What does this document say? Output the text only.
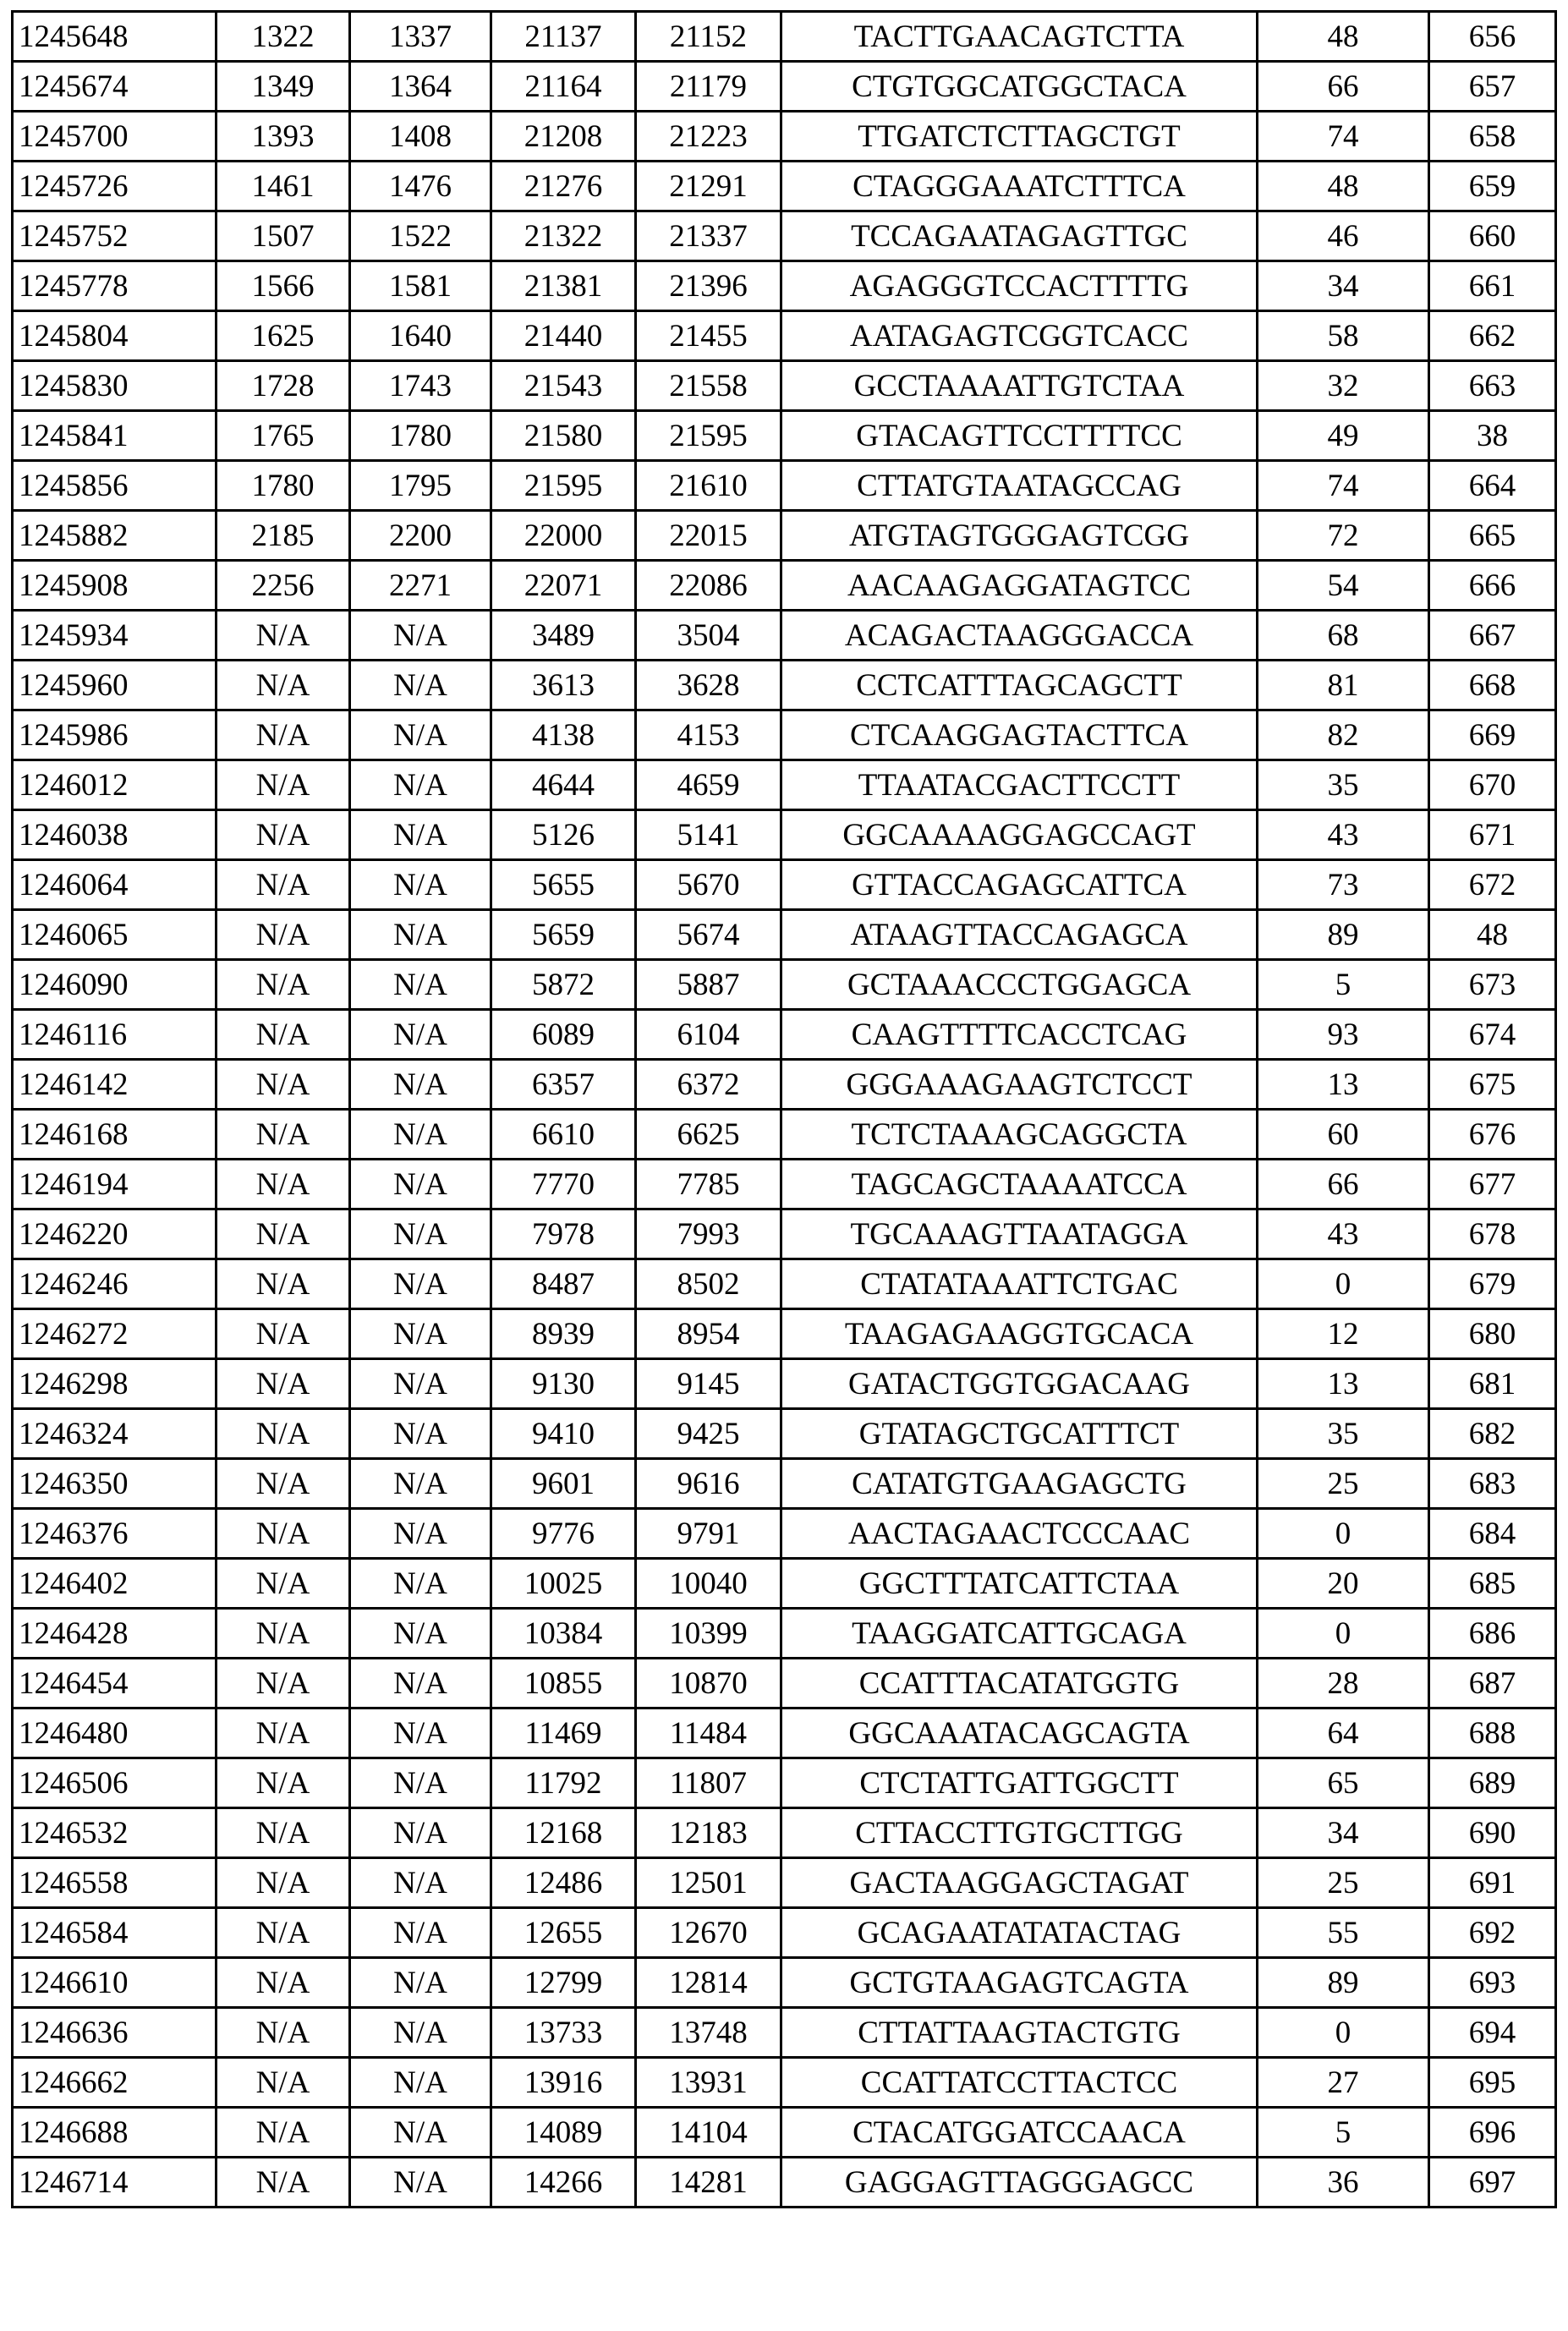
1245648	1322	1337	21137	21152	TACTTGAACAGTCTTA	48	656
1245674	1349	1364	21164	21179	CTGTGGCATGGCTACA	66	657
1245700	1393	1408	21208	21223	TTGATCTCTTAGCTGT	74	658
1245726	1461	1476	21276	21291	CTAGGGAAATCTTTCA	48	659
1245752	1507	1522	21322	21337	TCCAGAATAGAGTTGC	46	660
1245778	1566	1581	21381	21396	AGAGGGTCCACTTTTG	34	661
1245804	1625	1640	21440	21455	AATAGAGTCGGTCACC	58	662
1245830	1728	1743	21543	21558	GCCTAAAATTGTCTAA	32	663
1245841	1765	1780	21580	21595	GTACAGTTCCTTTTCC	49	38
1245856	1780	1795	21595	21610	CTTATGTAATAGCCAG	74	664
1245882	2185	2200	22000	22015	ATGTAGTGGGAGTCGG	72	665
1245908	2256	2271	22071	22086	AACAAGAGGATAGTCC	54	666
1245934	N/A	N/A	3489	3504	ACAGACTAAGGGACCA	68	667
1245960	N/A	N/A	3613	3628	CCTCATTTAGCAGCTT	81	668
1245986	N/A	N/A	4138	4153	CTCAAGGAGTACTTCA	82	669
1246012	N/A	N/A	4644	4659	TTAATACGACTTCCTT	35	670
1246038	N/A	N/A	5126	5141	GGCAAAAGGAGCCAGT	43	671
1246064	N/A	N/A	5655	5670	GTTACCAGAGCATTCA	73	672
1246065	N/A	N/A	5659	5674	ATAAGTTACCAGAGCA	89	48
1246090	N/A	N/A	5872	5887	GCTAAACCCTGGAGCA	5	673
1246116	N/A	N/A	6089	6104	CAAGTTTTCACCTCAG	93	674
1246142	N/A	N/A	6357	6372	GGGAAAGAAGTCTCCT	13	675
1246168	N/A	N/A	6610	6625	TCTCTAAAGCAGGCTA	60	676
1246194	N/A	N/A	7770	7785	TAGCAGCTAAAATCCA	66	677
1246220	N/A	N/A	7978	7993	TGCAAAGTTAATAGGA	43	678
1246246	N/A	N/A	8487	8502	CTATATAAATTCTGAC	0	679
1246272	N/A	N/A	8939	8954	TAAGAGAAGGTGCACA	12	680
1246298	N/A	N/A	9130	9145	GATACTGGTGGACAAG	13	681
1246324	N/A	N/A	9410	9425	GTATAGCTGCATTTCT	35	682
1246350	N/A	N/A	9601	9616	CATATGTGAAGAGCTG	25	683
1246376	N/A	N/A	9776	9791	AACTAGAACTCCCAAC	0	684
1246402	N/A	N/A	10025	10040	GGCTTTATCATTCTAA	20	685
1246428	N/A	N/A	10384	10399	TAAGGATCATTGCAGA	0	686
1246454	N/A	N/A	10855	10870	CCATTTACATATGGTG	28	687
1246480	N/A	N/A	11469	11484	GGCAAATACAGCAGTA	64	688
1246506	N/A	N/A	11792	11807	CTCTATTGATTGGCTT	65	689
1246532	N/A	N/A	12168	12183	CTTACCTTGTGCTTGG	34	690
1246558	N/A	N/A	12486	12501	GACTAAGGAGCTAGAT	25	691
1246584	N/A	N/A	12655	12670	GCAGAATATATACTAG	55	692
1246610	N/A	N/A	12799	12814	GCTGTAAGAGTCAGTA	89	693
1246636	N/A	N/A	13733	13748	CTTATTAAGTACTGTG	0	694
1246662	N/A	N/A	13916	13931	CCATTATCCTTACTCC	27	695
1246688	N/A	N/A	14089	14104	CTACATGGATCCAACA	5	696
1246714	N/A	N/A	14266	14281	GAGGAGTTAGGGAGCC	36	697
